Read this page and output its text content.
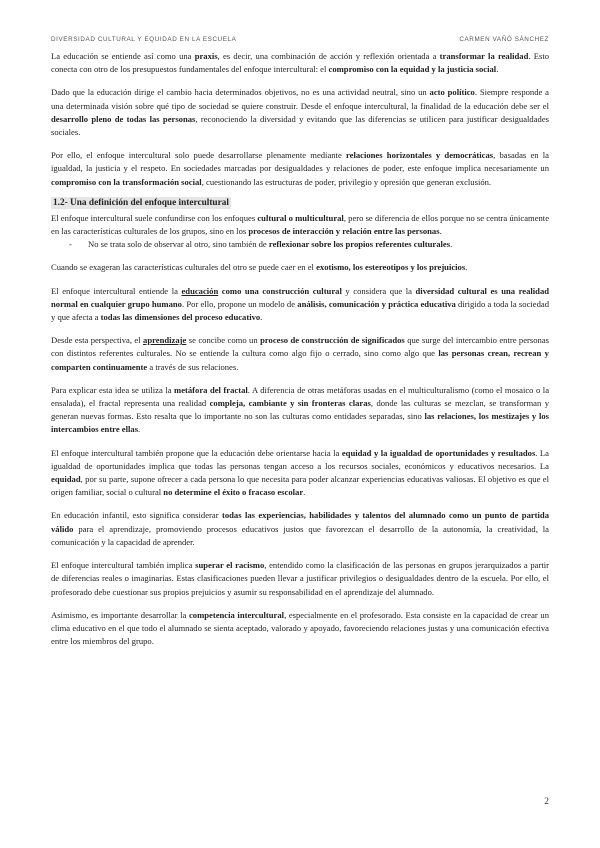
DIVERSIDAD CULTURAL Y EQUIDAD EN LA ESCUELA	CARMEN VAÑÓ SÁNCHEZ

La educación se entiende así como una praxis, es decir, una combinación de acción y reflexión orientada a transformar la realidad. Esto conecta con otro de los presupuestos fundamentales del enfoque intercultural: el compromiso con la equidad y la justicia social.

Dado que la educación dirige el cambio hacia determinados objetivos, no es una actividad neutral, sino un acto político. Siempre responde a una determinada visión sobre qué tipo de sociedad se quiere construir. Desde el enfoque intercultural, la finalidad de la educación debe ser el desarrollo pleno de todas las personas, reconociendo la diversidad y evitando que las diferencias se utilicen para justificar desigualdades sociales.

Por ello, el enfoque intercultural solo puede desarrollarse plenamente mediante relaciones horizontales y democráticas, basadas en la igualdad, la justicia y el respeto. En sociedades marcadas por desigualdades y relaciones de poder, este enfoque implica necesariamente un compromiso con la transformación social, cuestionando las estructuras de poder, privilegio y opresión que generan exclusión.

1.2- Una definición del enfoque intercultural

El enfoque intercultural suele confundirse con los enfoques cultural o multicultural, pero se diferencia de ellos porque no se centra únicamente en las características culturales de los grupos, sino en los procesos de interacción y relación entre las personas.

- No se trata solo de observar al otro, sino también de reflexionar sobre los propios referentes culturales.

Cuando se exageran las características culturales del otro se puede caer en el exotismo, los estereotipos y los prejuicios.

El enfoque intercultural entiende la educación como una construcción cultural y considera que la diversidad cultural es una realidad normal en cualquier grupo humano. Por ello, propone un modelo de análisis, comunicación y práctica educativa dirigido a toda la sociedad y que afecta a todas las dimensiones del proceso educativo.

Desde esta perspectiva, el aprendizaje se concibe como un proceso de construcción de significados que surge del intercambio entre personas con distintos referentes culturales. No se entiende la cultura como algo fijo o cerrado, sino como algo que las personas crean, recrean y comparten continuamente a través de sus relaciones.

Para explicar esta idea se utiliza la metáfora del fractal. A diferencia de otras metáforas usadas en el multiculturalismo (como el mosaico o la ensalada), el fractal representa una realidad compleja, cambiante y sin fronteras claras, donde las culturas se mezclan, se transforman y generan nuevas formas. Esto resalta que lo importante no son las culturas como entidades separadas, sino las relaciones, los mestizajes y los intercambios entre ellas.

El enfoque intercultural también propone que la educación debe orientarse hacia la equidad y la igualdad de oportunidades y resultados. La igualdad de oportunidades implica que todas las personas tengan acceso a los recursos sociales, económicos y educativos necesarios. La equidad, por su parte, supone ofrecer a cada persona lo que necesita para poder alcanzar experiencias educativas valiosas. El objetivo es que el origen familiar, social o cultural no determine el éxito o fracaso escolar.

En educación infantil, esto significa considerar todas las experiencias, habilidades y talentos del alumnado como un punto de partida válido para el aprendizaje, promoviendo procesos educativos justos que favorezcan el desarrollo de la autonomía, la creatividad, la comunicación y la capacidad de aprender.

El enfoque intercultural también implica superar el racismo, entendido como la clasificación de las personas en grupos jerarquizados a partir de diferencias reales o imaginarias. Estas clasificaciones pueden llevar a justificar privilegios o desigualdades dentro de la escuela. Por ello, el profesorado debe cuestionar sus propios prejuicios y asumir su responsabilidad en el aprendizaje del alumnado.

Asimismo, es importante desarrollar la competencia intercultural, especialmente en el profesorado. Esta consiste en la capacidad de crear un clima educativo en el que todo el alumnado se sienta aceptado, valorado y apoyado, favoreciendo relaciones justas y una comunicación efectiva entre los miembros del grupo.

2
